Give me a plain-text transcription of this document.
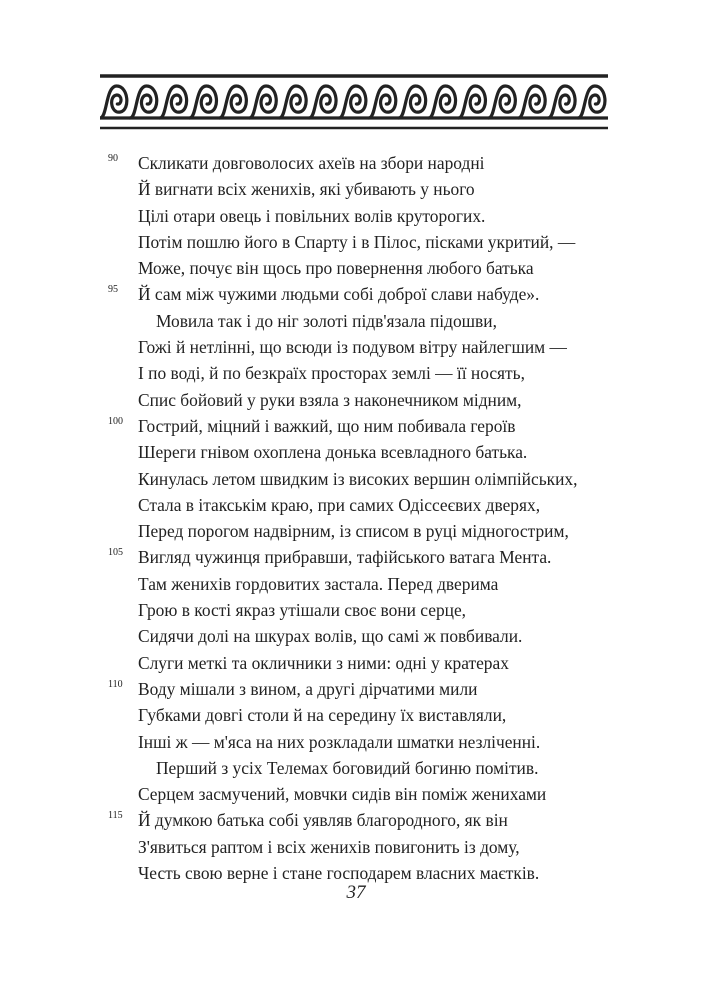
90 Скликати довговолосих ахеїв на збори народні
Й вигнати всіх женихів, які убивають у нього
Цілі отари овець і повільних волів круторогих.
Потім пошлю його в Спарту і в Пілос, пісками укритий, —
Може, почує він щось про повернення любого батька
95 Й сам між чужими людьми собі доброї слави набуде».
Мовила так і до ніг золоті підв'язала підошви,
Гожі й нетлінні, що всюди із подувом вітру найлегшим —
І по воді, й по безкраїх просторах землі — її носять,
Спис бойовий у руки взяла з наконечником мідним,
100 Гострий, міцний і важкий, що ним побивала героїв
Шереги гнівом охоплена донька всевладного батька.
Кинулась летом швидким із високих вершин олімпійських,
Стала в ітакськім краю, при самих Одіссеєвих дверях,
Перед порогом надвірним, із списом в руці мідногострим,
105 Вигляд чужинця прибравши, тафійського ватага Мента.
Там женихів гордовитих застала. Перед дверима
Грою в кості якраз утішали своє вони серце,
Сидячи долі на шкурах волів, що самі ж повбивали.
Слуги меткі та окличники з ними: одні у кратерах
110 Воду мішали з вином, а другі дірчатими мили
Губками довгі столи й на середину їх виставляли,
Інші ж — м'яса на них розкладали шматки незліченні.
Перший з усіх Телемах боговидий богиню помітив.
Серцем засмучений, мовчки сидів він поміж женихами
115 Й думкою батька собі уявляв благородного, як він
З'явиться раптом і всіх женихів повигонить із дому,
Честь свою верне і стане господарем власних маєтків.
37
